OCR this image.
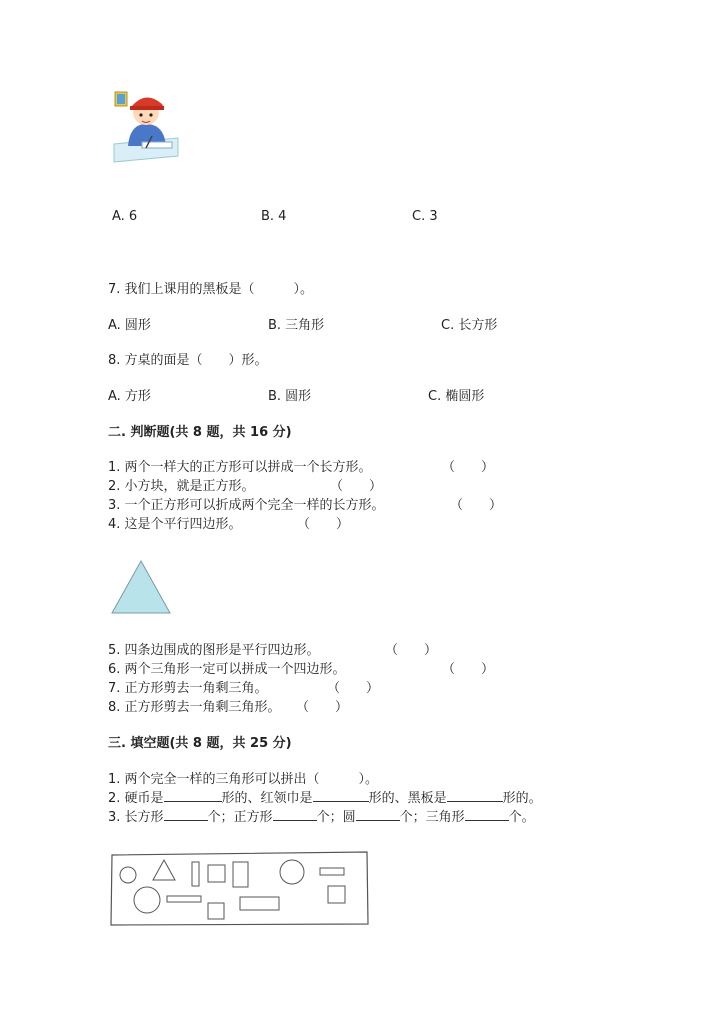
A. 6	B. 4	C. 3
7. 我们上课用的黑板是（　　　）。
A. 圆形	B. 三角形	C. 长方形
8. 方桌的面是（　　）形。
A. 方形	B. 圆形	C. 椭圆形
二. 判断题(共 8 题，共 16 分)
1. 两个一样大的正方形可以拼成一个长方形。	（　　）
2. 小方块，就是正方形。	（　　）
3. 一个正方形可以折成两个完全一样的长方形。	（　　）
4. 这是个平行四边形。	（　　）
5. 四条边围成的图形是平行四边形。	（　　）
6. 两个三角形一定可以拼成一个四边形。	（　　）
7. 正方形剪去一角剩三角。	（　　）
8. 正方形剪去一角剩三角形。 （　　）
三. 填空题(共 8 题，共 25 分)
1. 两个完全一样的三角形可以拼出（　　　）。
2. 硬币是	形的、红领巾是	形的、黑板是	形的。
3. 长方形	个；正方形	个；圆	个；三角形	个。
